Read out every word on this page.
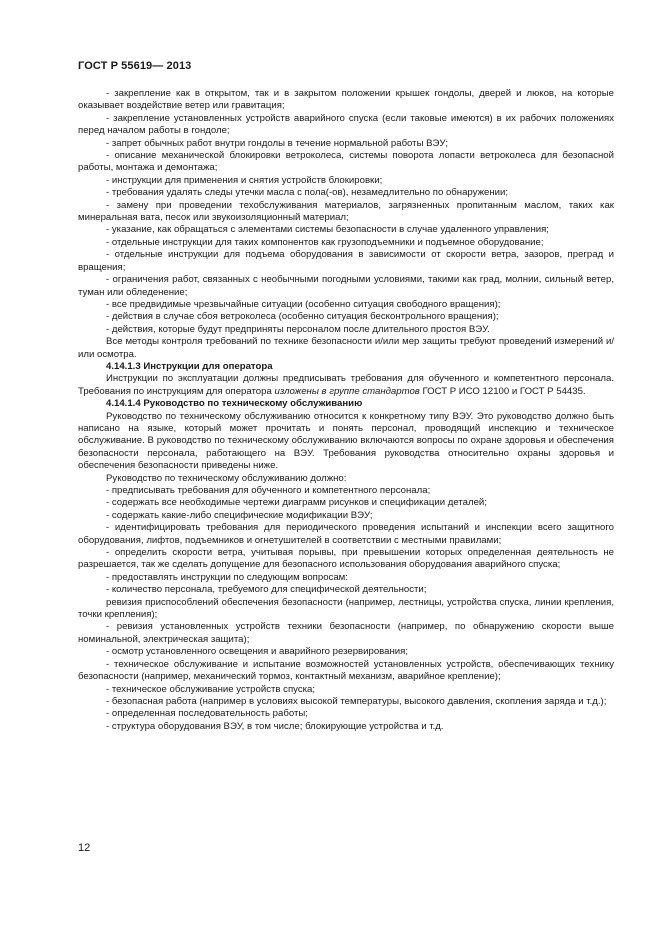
ГОСТ Р 55619— 2013

- закрепление как в открытом, так и в закрытом положении крышек гондолы, дверей и люков, на которые оказывает воздействие ветер или гравитация;

- закрепление установленных устройств аварийного спуска (если таковые имеются) в их рабочих положениях перед началом работы в гондоле;

- запрет обычных работ внутри гондолы в течение нормальной работы ВЭУ;

- описание механической блокировки ветроколеса, системы поворота лопасти ветроколеса для безопасной работы, монтажа и демонтажа;

- инструкции для применения и снятия устройств блокировки;

- требования удалять следы утечки масла с пола(-ов), незамедлительно по обнаружении;

- замену при проведении техобслуживания материалов, загрязненных пропитанным маслом, такиx как минеральная вата, песок или звукоизоляционный материал;

- указание, как обращаться с элементами системы безопасности в случае удаленного управления;

- отдельные инструкции для таких компонентов как грузоподъемники и подъемное оборудование;

- отдельные инструкции для подъема оборудования в зависимости от скорости ветра, зазоров, преград и вращения;

- ограничения работ, связанных с необычными погодными условиями, такими как град, молнии, сильный ветер, туман или обледенение;

- все предвидимые чрезвычайные ситуации (особенно ситуация свободного вращения);

- действия в случае сбоя ветроколеса (особенно ситуация бесконтрольного вращения);

- действия, которые будут предприняты персоналом после длительного простоя ВЭУ.

Все методы контроля требований по технике безопасности и/или мер защиты требуют проведений измерений и/или осмотра.

4.14.1.3 Инструкции для оператора

Инструкции по эксплуатации должны предписывать требования для обученного и компетентного персонала. Требования по инструкциям для оператора изложены в группе стандартов ГОСТ Р ИСО 12100 и ГОСТ Р 54435.

4.14.1.4 Руководство по техническому обслуживанию

Руководство по техническому обслуживанию относится к конкретному типу ВЭУ. Это руководство должно быть написано на языке, который может прочитать и понять персонал, проводящий инспекцию и техническое обслуживание. В руководство по техническому обслуживанию включаются вопросы по охране здоровья и обеспечения безопасности персонала, работающего на ВЭУ. Требования руководства относительно охраны здоровья и обеспечения безопасности приведены ниже.

Руководство по техническому обслуживанию должно:

- предписывать требования для обученного и компетентного персонала;

- содержать все необходимые чертежи диаграмм рисунков и спецификации деталей;

- содержать какие-либо специфические модификации ВЭУ;

- идентифицировать требования для периодического проведения испытаний и инспекции всего защитного оборудования, лифтов, подъемников и огнетушителей в соответствии с местными правилами;

- определить скорости ветра, учитывая порывы, при превышении которых определенная деятельность не разрешается, так же сделать допущение для безопасного использования оборудования аварийного спуска;

- предоставлять инструкции по следующим вопросам:

- количество персонала, требуемого для специфической деятельности;

ревизия приспособлений обеспечения безопасности (например, лестницы, устройства спуска, линии крепления, точки крепления);

- ревизия установленных устройств техники безопасности (например, по обнаружению скорости выше номинальной, электрическая защита);

- осмотр установленного освещения и аварийного резервирования;

- техническое обслуживание и испытание возможностей установленных устройств, обеспечивающих технику безопасности (например, механический тормоз, контактный механизм, аварийное крепление);

- техническое обслуживание устройств спуска;

- безопасная работа (например в условиях высокой температуры, высокого давления, скопления заряда и т.д.);

- определенная последовательность работы;

- структура оборудования ВЭУ, в том числе; блокирующие устройства и т.д.

12
